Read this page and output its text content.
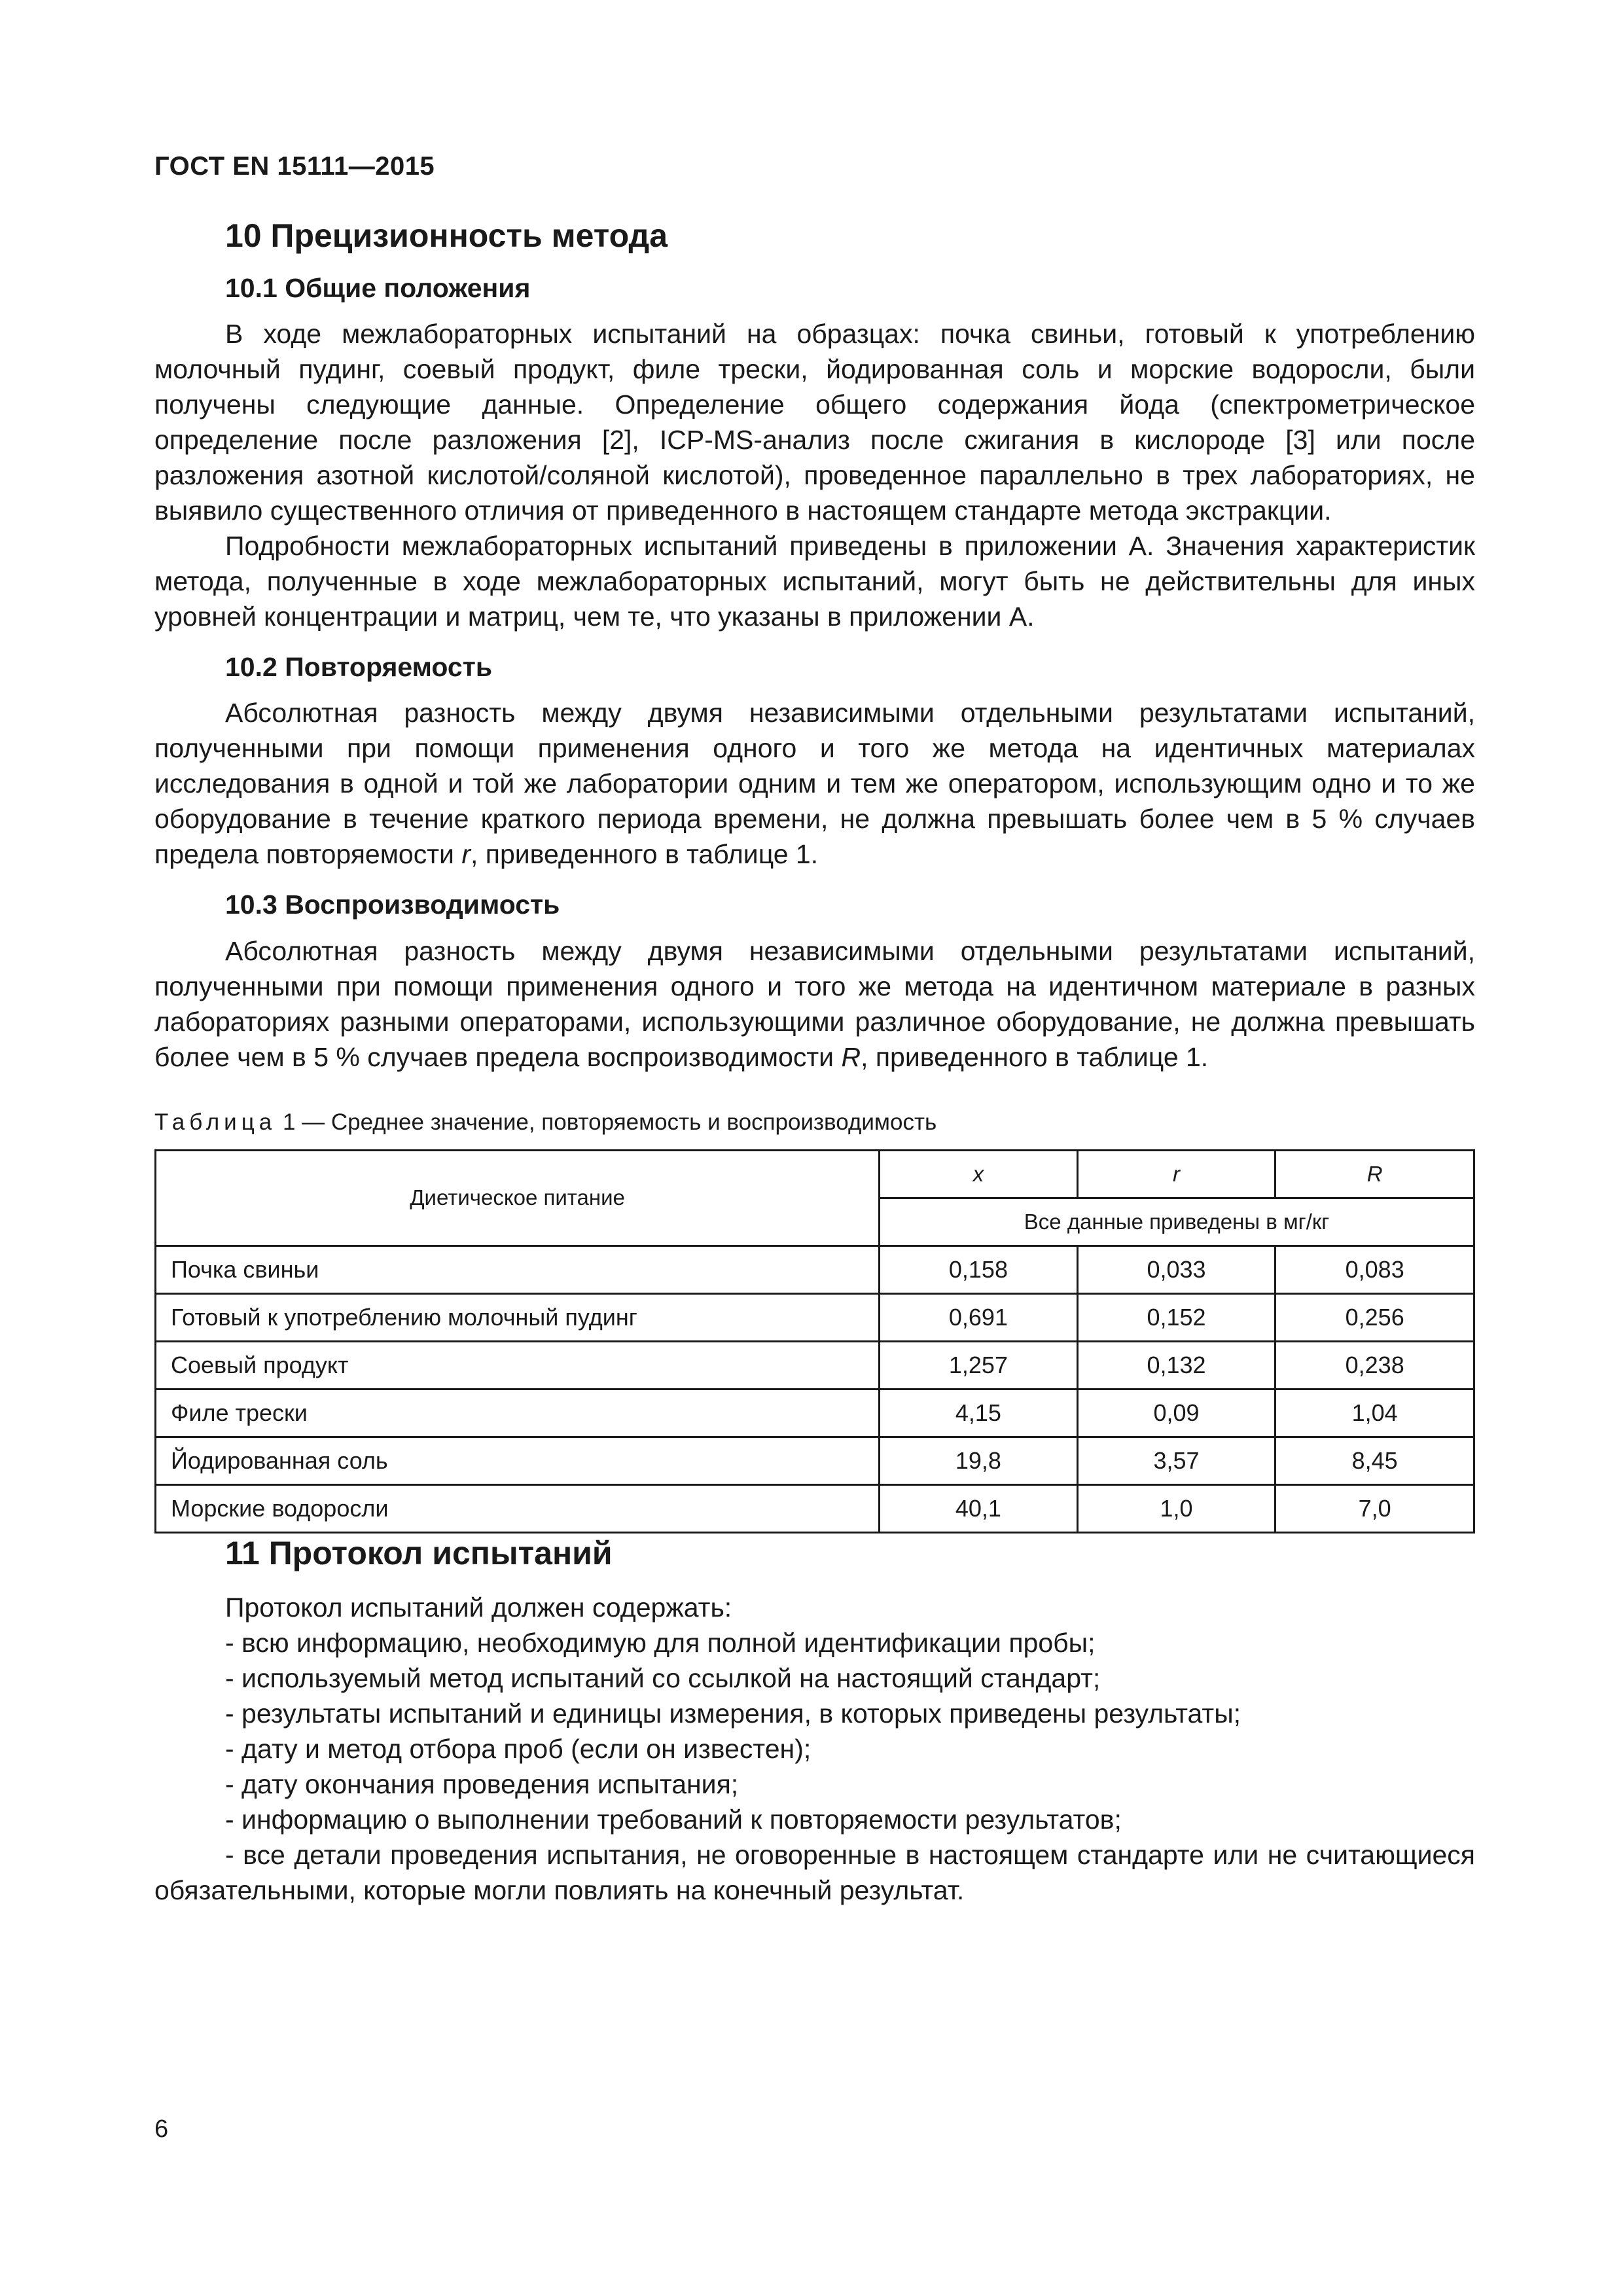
ГОСТ EN 15111—2015
10 Прецизионность метода
10.1 Общие положения

В ходе межлабораторных испытаний на образцах: почка свиньи, готовый к употреблению молочный пудинг, соевый продукт, филе трески, йодированная соль и морские водоросли, были получены следующие данные. Определение общего содержания йода (спектрометрическое определение после разложения [2], ICP-MS-анализ после сжигания в кислороде [3] или после разложения азотной кислотой/соляной кислотой), проведенное параллельно в трех лабораториях, не выявило существенного отличия от приведенного в настоящем стандарте метода экстракции.

Подробности межлабораторных испытаний приведены в приложении А. Значения характеристик метода, полученные в ходе межлабораторных испытаний, могут быть не действительны для иных уровней концентрации и матриц, чем те, что указаны в приложении А.

10.2 Повторяемость

Абсолютная разность между двумя независимыми отдельными результатами испытаний, полученными при помощи применения одного и того же метода на идентичных материалах исследования в одной и той же лаборатории одним и тем же оператором, использующим одно и то же оборудование в течение краткого периода времени, не должна превышать более чем в 5 % случаев предела повторяемости r, приведенного в таблице 1.

10.3 Воспроизводимость

Абсолютная разность между двумя независимыми отдельными результатами испытаний, полученными при помощи применения одного и того же метода на идентичном материале в разных лабораториях разными операторами, использующими различное оборудование, не должна превышать более чем в 5 % случаев предела воспроизводимости R, приведенного в таблице 1.

Таблица 1 — Среднее значение, повторяемость и воспроизводимость
Диетическое питание	x	r	R
	Все данные приведены в мг/кг		
Почка свиньи	0,158	0,033	0,083
Готовый к употреблению молочный пудинг	0,691	0,152	0,256
Соевый продукт	1,257	0,132	0,238
Филе трески	4,15	0,09	1,04
Йодированная соль	19,8	3,57	8,45
Морские водоросли	40,1	1,0	7,0
11 Протокол испытаний
Протокол испытаний должен содержать:
- всю информацию, необходимую для полной идентификации пробы;
- используемый метод испытаний со ссылкой на настоящий стандарт;
- результаты испытаний и единицы измерения, в которых приведены результаты;
- дату и метод отбора проб (если он известен);
- дату окончания проведения испытания;
- информацию о выполнении требований к повторяемости результатов;
- все детали проведения испытания, не оговоренные в настоящем стандарте или не считающиеся обязательными, которые могли повлиять на конечный результат.
6
